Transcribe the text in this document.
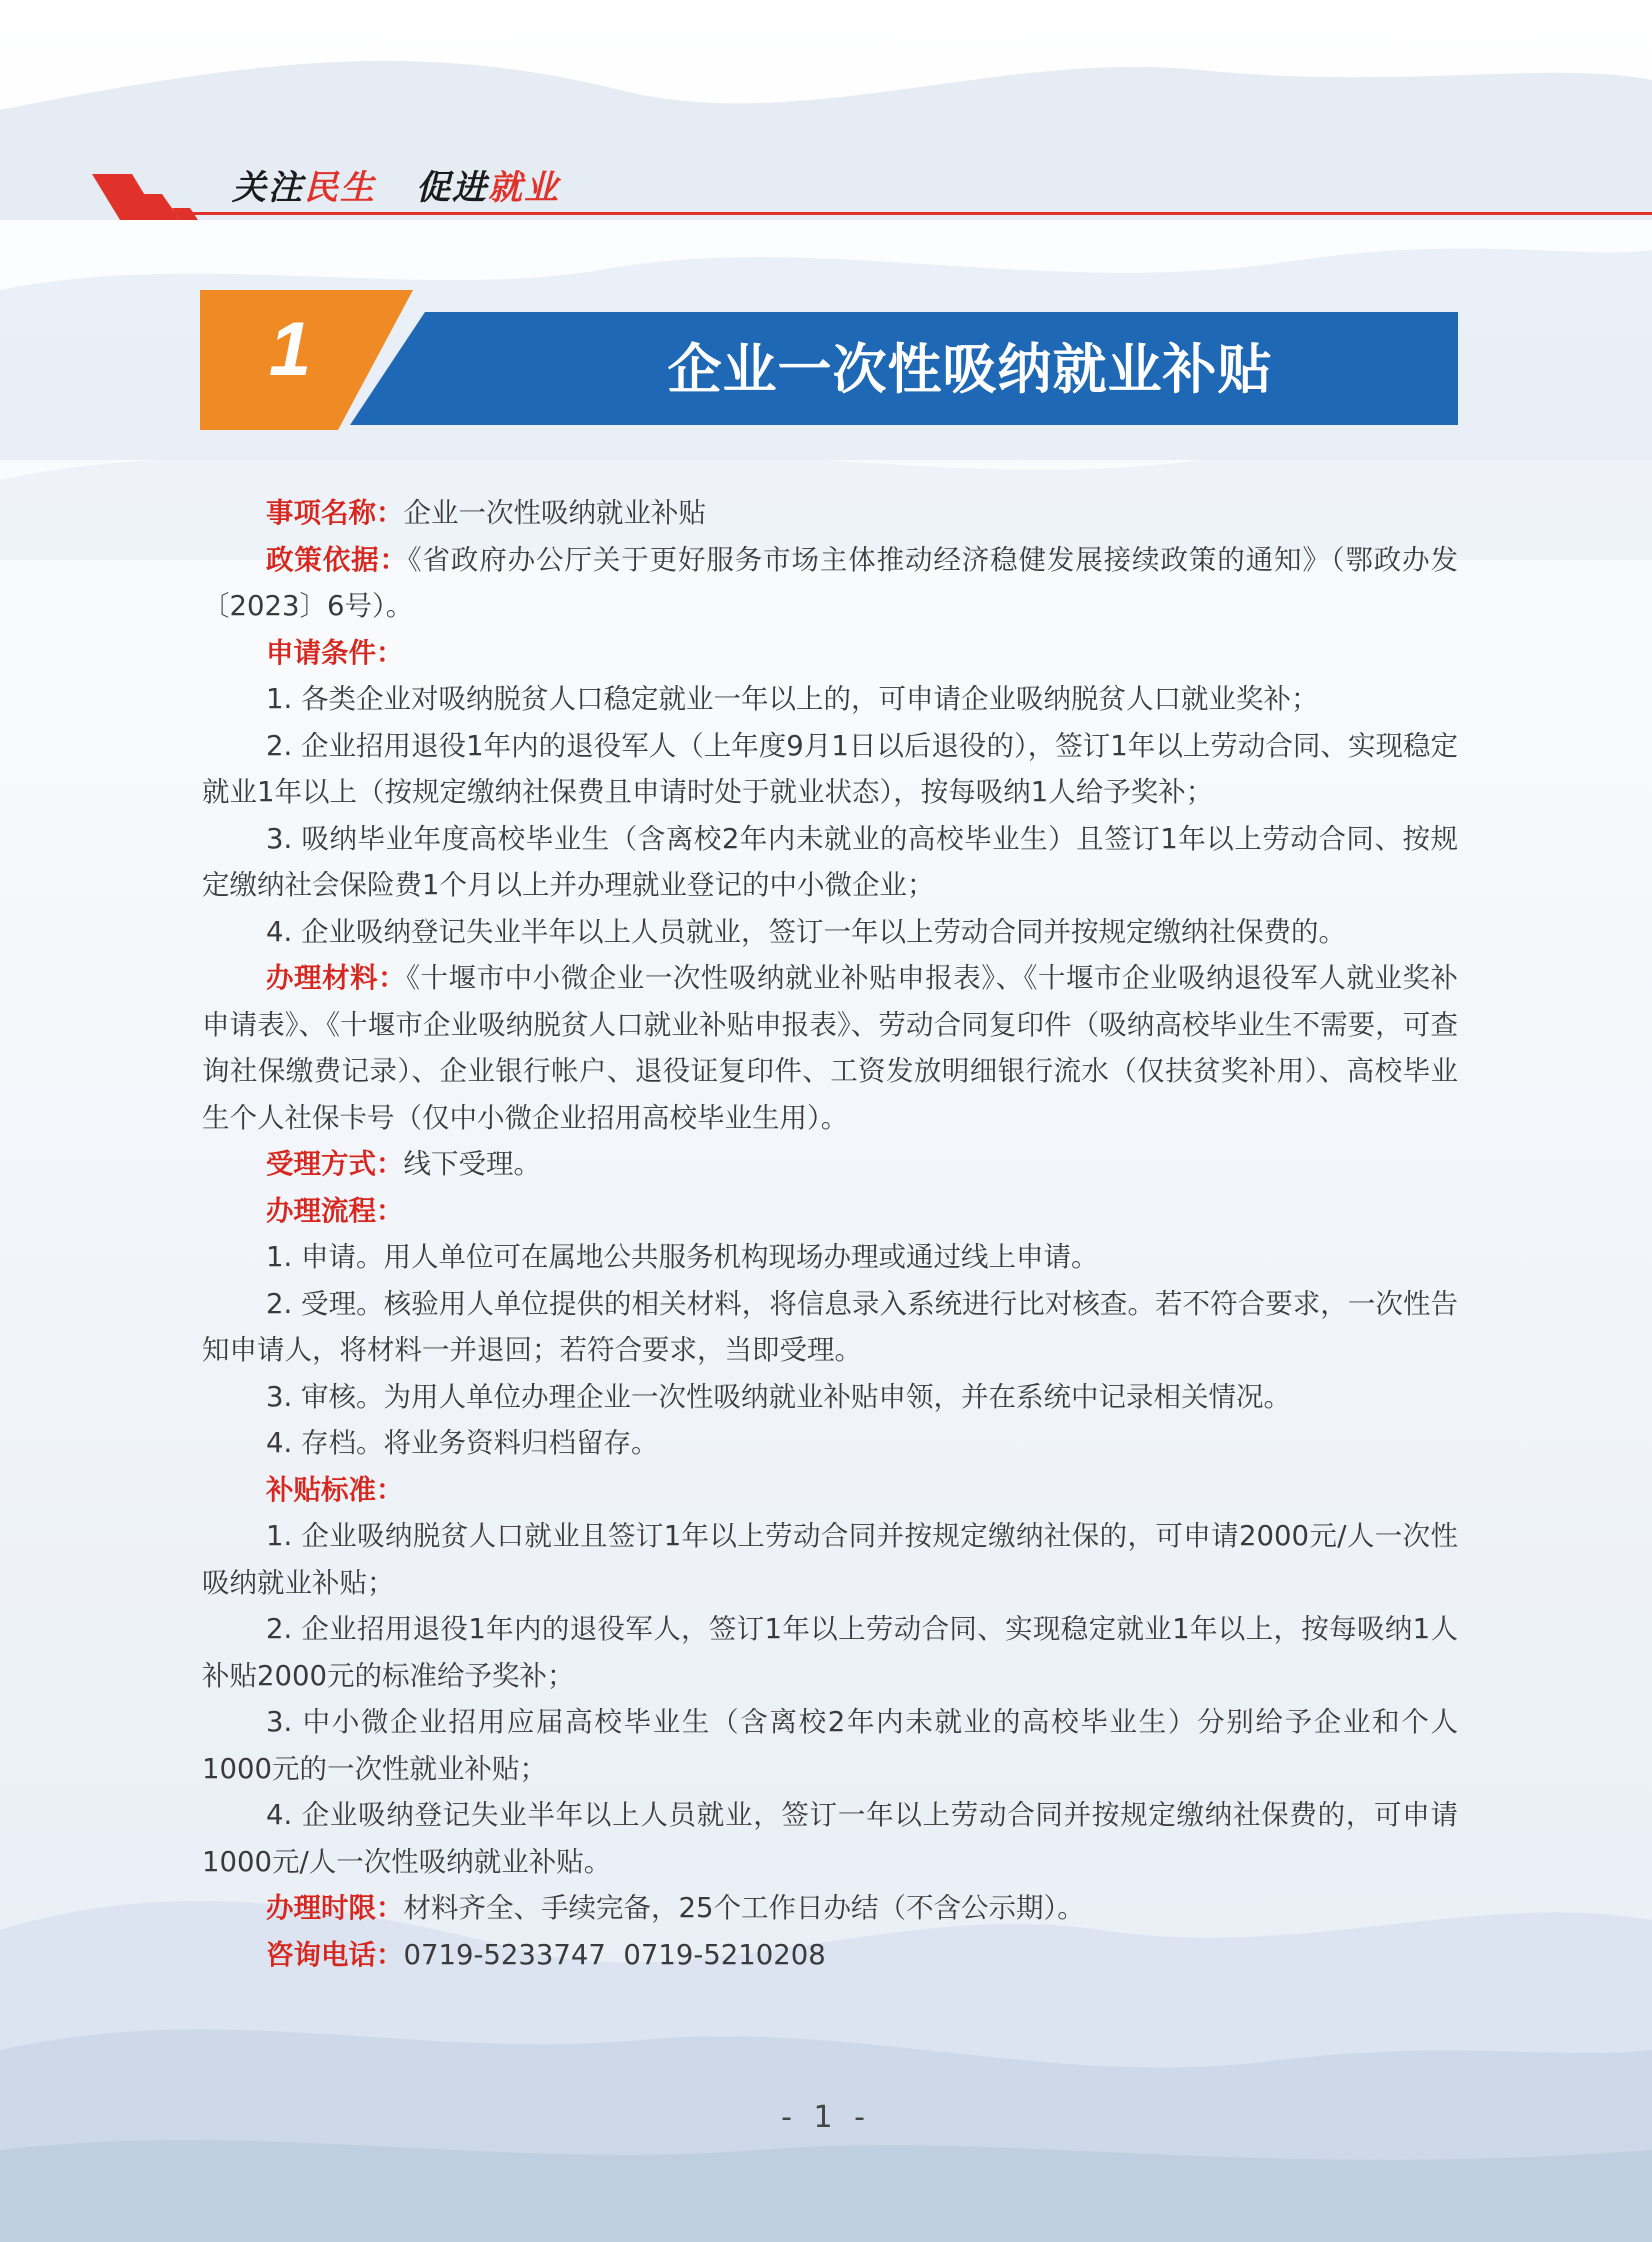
关注民生 促进就业
1	企业一次性吸纳就业补贴

事项名称：企业一次性吸纳就业补贴

政策依据：《省政府办公厅关于更好服务市场主体推动经济稳健发展接续政策的通知》（鄂政办发〔2023〕6号）。

申请条件：

1. 各类企业对吸纳脱贫人口稳定就业一年以上的，可申请企业吸纳脱贫人口就业奖补；

2. 企业招用退役1年内的退役军人（上年度9月1日以后退役的），签订1年以上劳动合同、实现稳定就业1年以上（按规定缴纳社保费且申请时处于就业状态），按每吸纳1人给予奖补；

3. 吸纳毕业年度高校毕业生（含离校2年内未就业的高校毕业生）且签订1年以上劳动合同、按规定缴纳社会保险费1个月以上并办理就业登记的中小微企业；

4. 企业吸纳登记失业半年以上人员就业，签订一年以上劳动合同并按规定缴纳社保费的。

办理材料：《十堰市中小微企业一次性吸纳就业补贴申报表》、《十堰市企业吸纳退役军人就业奖补申请表》、《十堰市企业吸纳脱贫人口就业补贴申报表》、劳动合同复印件（吸纳高校毕业生不需要，可查询社保缴费记录）、企业银行帐户、退役证复印件、工资发放明细银行流水（仅扶贫奖补用）、高校毕业生个人社保卡号（仅中小微企业招用高校毕业生用）。

受理方式：线下受理。

办理流程：

1. 申请。用人单位可在属地公共服务机构现场办理或通过线上申请。

2. 受理。核验用人单位提供的相关材料，将信息录入系统进行比对核查。若不符合要求，一次性告知申请人，将材料一并退回；若符合要求，当即受理。

3. 审核。为用人单位办理企业一次性吸纳就业补贴申领，并在系统中记录相关情况。

4. 存档。将业务资料归档留存。

补贴标准：

1. 企业吸纳脱贫人口就业且签订1年以上劳动合同并按规定缴纳社保的，可申请2000元/人一次性吸纳就业补贴；

2. 企业招用退役1年内的退役军人，签订1年以上劳动合同、实现稳定就业1年以上，按每吸纳1人补贴2000元的标准给予奖补；

3. 中小微企业招用应届高校毕业生（含离校2年内未就业的高校毕业生）分别给予企业和个人1000元的一次性就业补贴；

4. 企业吸纳登记失业半年以上人员就业，签订一年以上劳动合同并按规定缴纳社保费的，可申请1000元/人一次性吸纳就业补贴。

办理时限：材料齐全、手续完备，25个工作日办结（不含公示期）。

咨询电话：0719-5233747  0719-5210208

- 1 -
